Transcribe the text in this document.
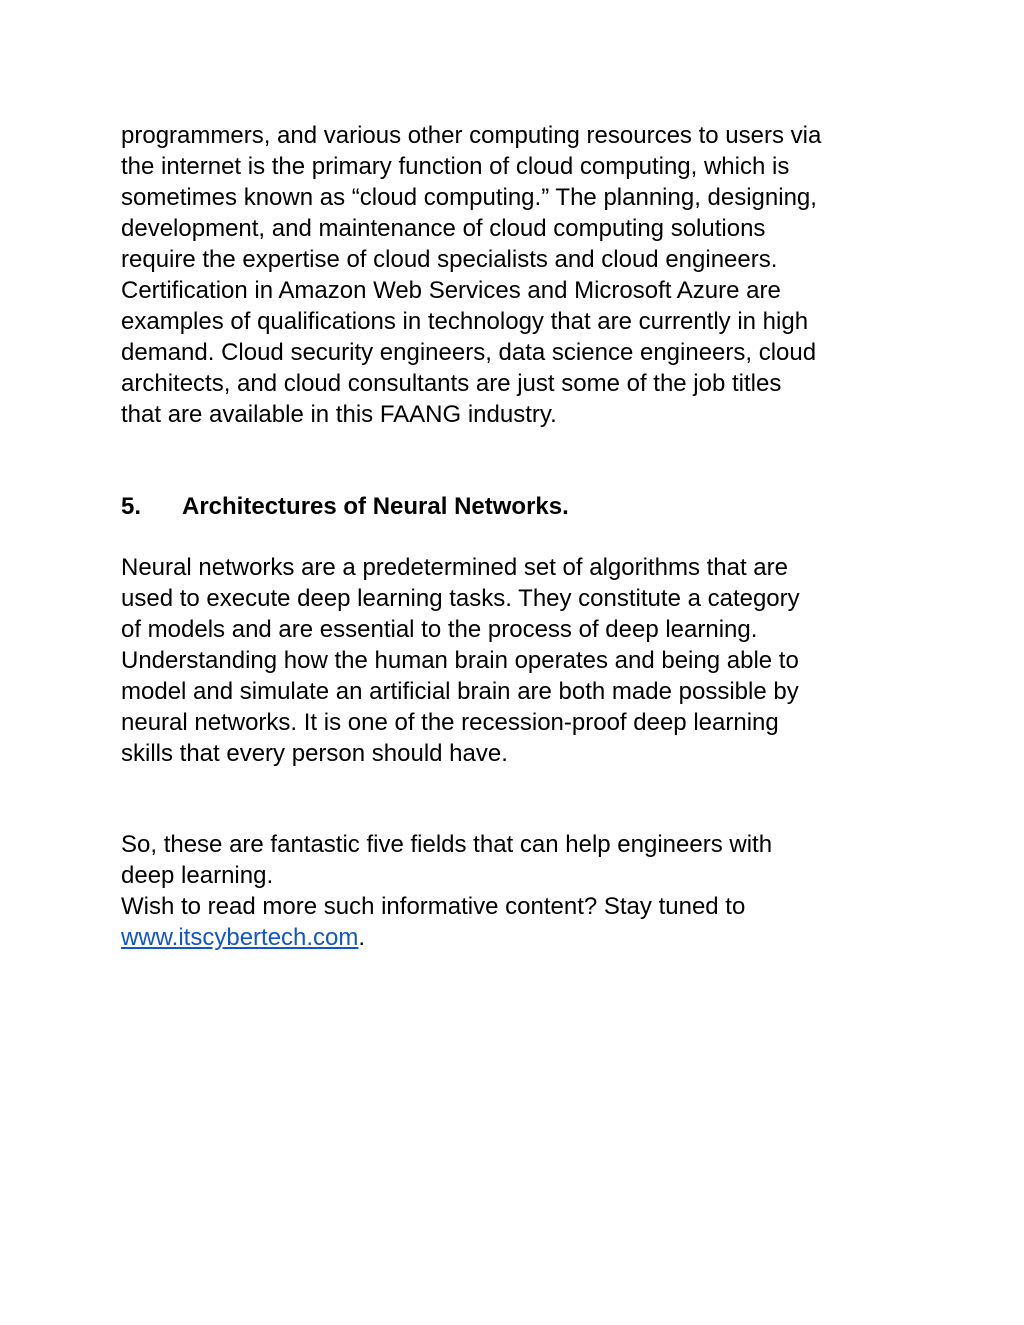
programmers, and various other computing resources to users via
the internet is the primary function of cloud computing, which is
sometimes known as “cloud computing.” The planning, designing,
development, and maintenance of cloud computing solutions
require the expertise of cloud specialists and cloud engineers.
Certification in Amazon Web Services and Microsoft Azure are
examples of qualifications in technology that are currently in high
demand. Cloud security engineers, data science engineers, cloud
architects, and cloud consultants are just some of the job titles
that are available in this FAANG industry.

5. Architectures of Neural Networks.

Neural networks are a predetermined set of algorithms that are
used to execute deep learning tasks. They constitute a category
of models and are essential to the process of deep learning.
Understanding how the human brain operates and being able to
model and simulate an artificial brain are both made possible by
neural networks. It is one of the recession-proof deep learning
skills that every person should have.

So, these are fantastic five fields that can help engineers with
deep learning.

Wish to read more such informative content? Stay tuned to
www.itscybertech.com.
